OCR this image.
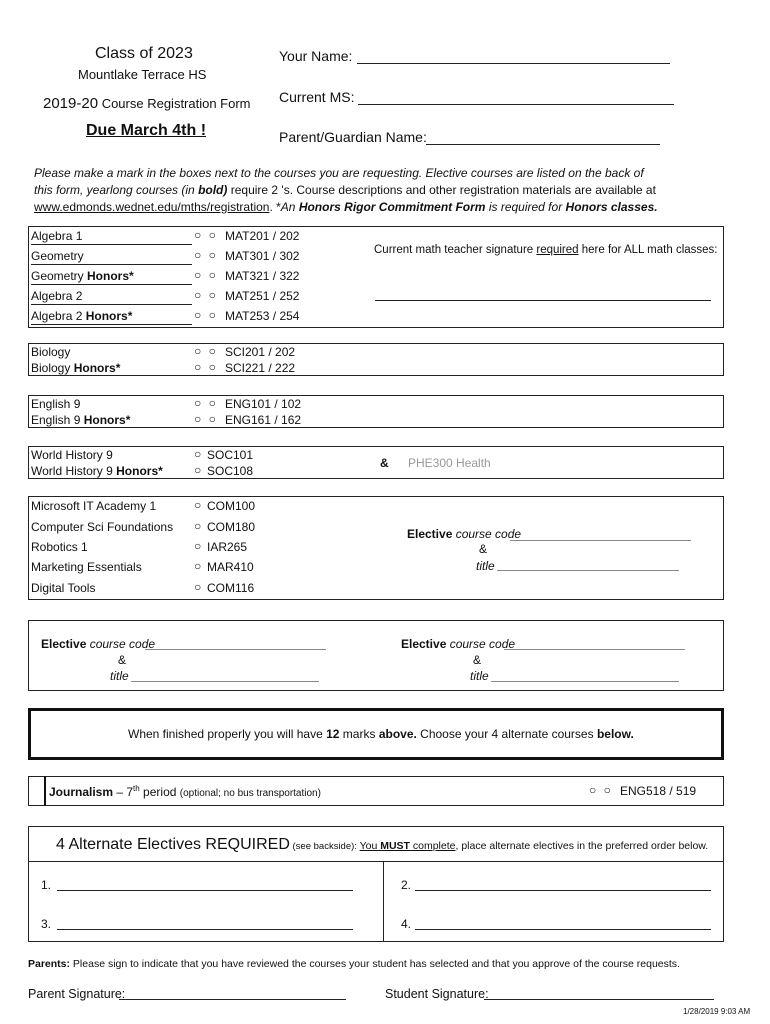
Class of 2023
Mountlake Terrace HS
2019-20 Course Registration Form
Due March 4th !
Your Name:
Current MS:
Parent/Guardian Name:
Please make a mark in the boxes next to the courses you are requesting. Elective courses are listed on the back of
this form, yearlong courses (in bold) require 2 's. Course descriptions and other registration materials are available at
www.edmonds.wednet.edu/mths/registration. *An Honors Rigor Commitment Form is required for Honors classes.
Algebra 1	○ ○ MAT201 / 202
Geometry	○ ○ MAT301 / 302
Geometry Honors*	○ ○ MAT321 / 322
Algebra 2	○ ○ MAT251 / 252
Algebra 2 Honors*	○ ○ MAT253 / 254
Current math teacher signature required here for ALL math classes:
Biology	○ ○ SCI201 / 202
Biology Honors*	○ ○ SCI221 / 222
English 9	○ ○ ENG101 / 102
English 9 Honors*	○ ○ ENG161 / 162
World History 9	○ SOC101
World History 9 Honors*	○ SOC108
& PHE300 Health
Microsoft IT Academy 1	○ COM100
Computer Sci Foundations ○ COM180
Robotics 1	○ IAR265
Marketing Essentials	○ MAR410
Digital Tools	○ COM116
Elective course code
&
title
Elective course code
&
title
Elective course code
&
title
When finished properly you will have 12 marks above. Choose your 4 alternate courses below.
Journalism – 7th period (optional; no bus transportation)	○ ○ ENG518 / 519
4 Alternate Electives REQUIRED (see backside): You MUST complete, place alternate electives in the preferred order below.
1.	2.
3.	4.
Parents: Please sign to indicate that you have reviewed the courses your student has selected and that you approve of the course requests.
Parent Signature:	Student Signature:
1/28/2019 9:03 AM
